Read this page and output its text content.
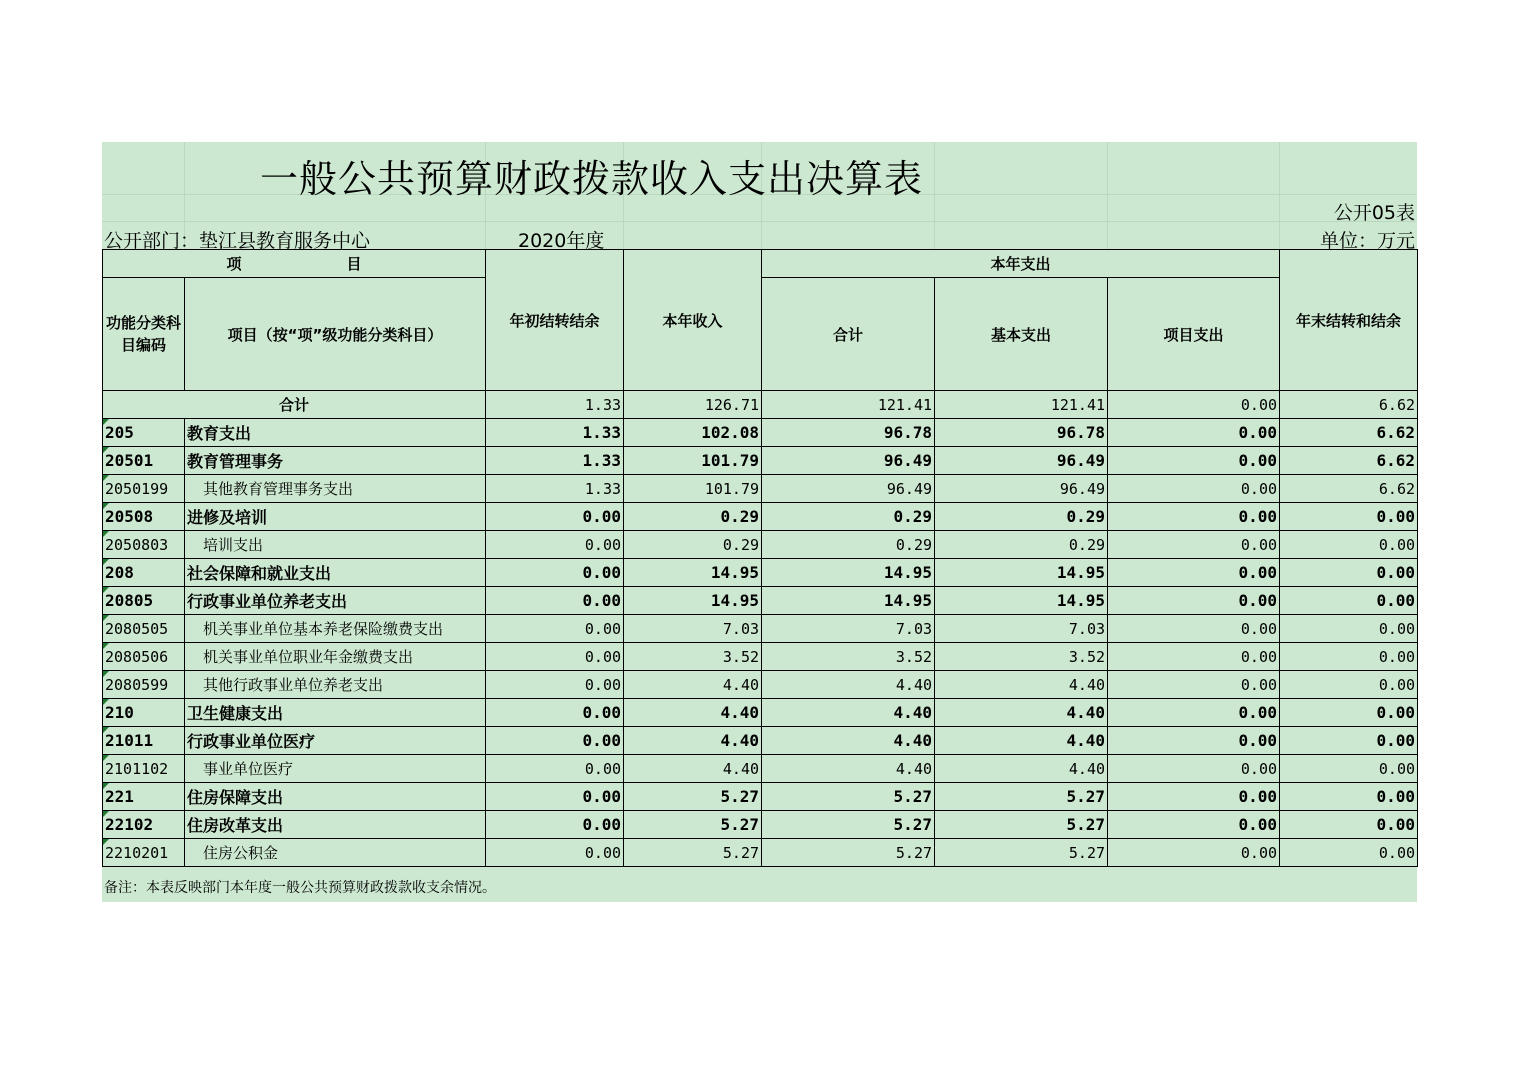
一般公共预算财政拨款收入支出决算表
公开05表
公开部门：垫江县教育服务中心	2020年度	单位：万元
项　　　　　　　目		年初结转结余	本年收入	本年支出			年末结转和结余
功能分类科目编码	项目（按“项”级功能分类科目）			合计	基本支出	项目支出	
合计		1.33	126.71	121.41	121.41	0.00	6.62
205	教育支出	1.33	102.08	96.78	96.78	0.00	6.62
20501	教育管理事务	1.33	101.79	96.49	96.49	0.00	6.62
2050199	其他教育管理事务支出	1.33	101.79	96.49	96.49	0.00	6.62
20508	进修及培训	0.00	0.29	0.29	0.29	0.00	0.00
2050803	培训支出	0.00	0.29	0.29	0.29	0.00	0.00
208	社会保障和就业支出	0.00	14.95	14.95	14.95	0.00	0.00
20805	行政事业单位养老支出	0.00	14.95	14.95	14.95	0.00	0.00
2080505	机关事业单位基本养老保险缴费支出	0.00	7.03	7.03	7.03	0.00	0.00
2080506	机关事业单位职业年金缴费支出	0.00	3.52	3.52	3.52	0.00	0.00
2080599	其他行政事业单位养老支出	0.00	4.40	4.40	4.40	0.00	0.00
210	卫生健康支出	0.00	4.40	4.40	4.40	0.00	0.00
21011	行政事业单位医疗	0.00	4.40	4.40	4.40	0.00	0.00
2101102	事业单位医疗	0.00	4.40	4.40	4.40	0.00	0.00
221	住房保障支出	0.00	5.27	5.27	5.27	0.00	0.00
22102	住房改革支出	0.00	5.27	5.27	5.27	0.00	0.00
2210201	住房公积金	0.00	5.27	5.27	5.27	0.00	0.00
备注：本表反映部门本年度一般公共预算财政拨款收支余情况。
